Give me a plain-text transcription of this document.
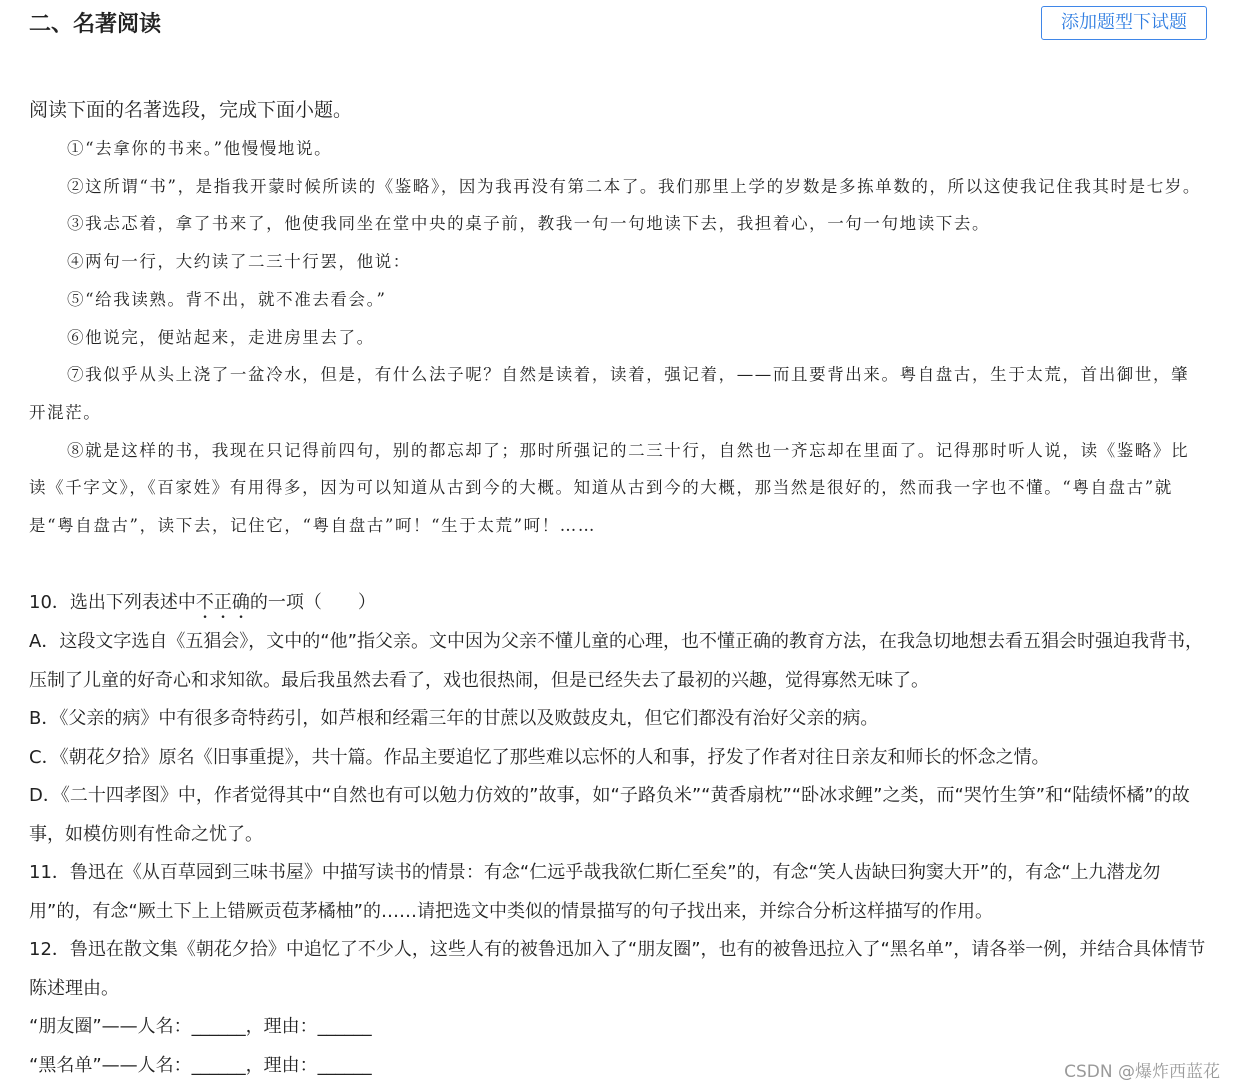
二、名著阅读	添加题型下试题
阅读下面的名著选段，完成下面小题。

①“去拿你的书来。”他慢慢地说。

②这所谓“书”，是指我开蒙时候所读的《鉴略》，因为我再没有第二本了。我们那里上学的岁数是多拣单数的，所以这使我记住我其时是七岁。

③我忐忑着，拿了书来了，他使我同坐在堂中央的桌子前，教我一句一句地读下去，我担着心，一句一句地读下去。

④两句一行，大约读了二三十行罢，他说：

⑤“给我读熟。背不出，就不准去看会。”

⑥他说完，便站起来，走进房里去了。

⑦我似乎从头上浇了一盆冷水，但是，有什么法子呢？自然是读着，读着，强记着，——而且要背出来。粤自盘古，生于太荒，首出御世，肇开混茫。

⑧就是这样的书，我现在只记得前四句，别的都忘却了；那时所强记的二三十行，自然也一齐忘却在里面了。记得那时听人说，读《鉴略》比读《千字文》，《百家姓》有用得多，因为可以知道从古到今的大概。知道从古到今的大概，那当然是很好的，然而我一字也不懂。“粤自盘古”就是“粤自盘古”，读下去，记住它，“粤自盘古”呵！“生于太荒”呵！……

10．选出下列表述中不正确的一项（　　）

A．这段文字选自《五猖会》，文中的“他”指父亲。文中因为父亲不懂儿童的心理，也不懂正确的教育方法，在我急切地想去看五猖会时强迫我背书，压制了儿童的好奇心和求知欲。最后我虽然去看了，戏也很热闹，但是已经失去了最初的兴趣，觉得寡然无味了。

B．《父亲的病》中有很多奇特药引，如芦根和经霜三年的甘蔗以及败鼓皮丸，但它们都没有治好父亲的病。

C．《朝花夕拾》原名《旧事重提》，共十篇。作品主要追忆了那些难以忘怀的人和事，抒发了作者对往日亲友和师长的怀念之情。

D．《二十四孝图》中，作者觉得其中“自然也有可以勉力仿效的”故事，如“子路负米”“黄香扇枕”“卧冰求鲤”之类，而“哭竹生笋”和“陆绩怀橘”的故事，如模仿则有性命之忧了。

11．鲁迅在《从百草园到三味书屋》中描写读书的情景：有念“仁远乎哉我欲仁斯仁至矣”的，有念“笑人齿缺曰狗窦大开”的，有念“上九潜龙勿用”的，有念“厥土下上上错厥贡苞茅橘柚”的……请把选文中类似的情景描写的句子找出来，并综合分析这样描写的作用。

12．鲁迅在散文集《朝花夕拾》中追忆了不少人，这些人有的被鲁迅加入了“朋友圈”，也有的被鲁迅拉入了“黑名单”，请各举一例，并结合具体情节陈述理由。

“朋友圈”——人名：______，理由：______

“黑名单”——人名：______，理由：______	CSDN @爆炸西蓝花
